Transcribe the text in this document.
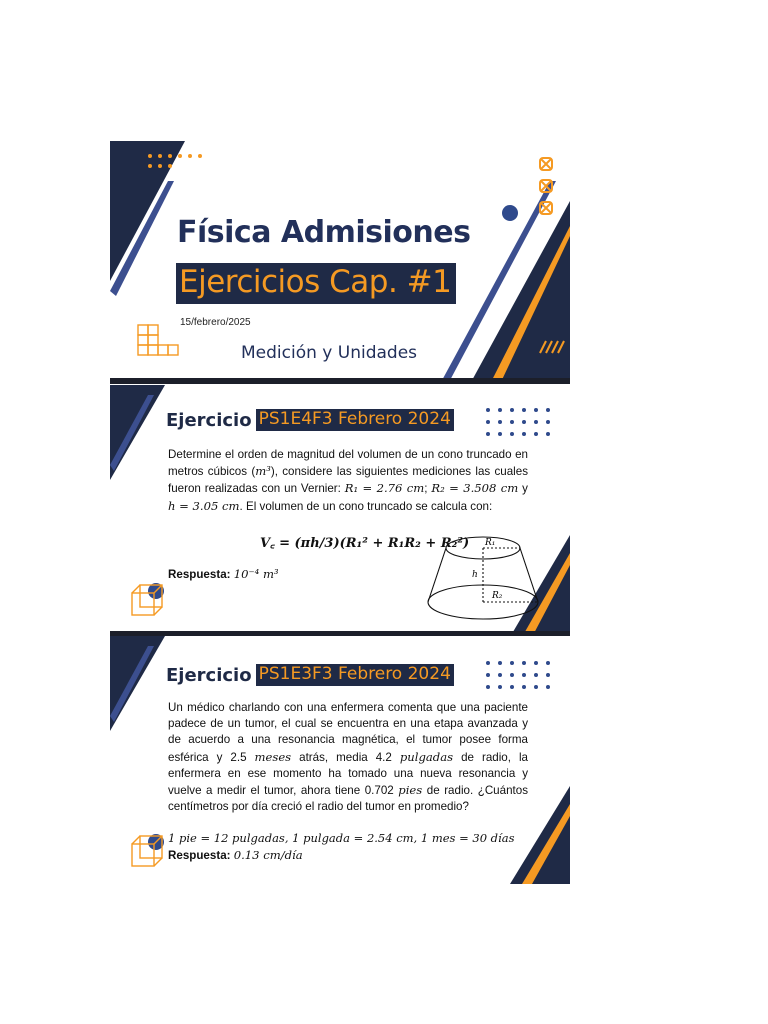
Física Admisiones
Ejercicios Cap. #1
15/febrero/2025
Medición y Unidades
R₁
h
R₂
Ejercicio PS1E4F3 Febrero 2024
Determine el orden de magnitud del volumen de un cono truncado en metros cúbicos (m³), considere las siguientes mediciones las cuales fueron realizadas con un Vernier: R₁ = 2.76 cm; R₂ = 3.508 cm y h = 3.05 cm. El volumen de un cono truncado se calcula con:
V꜀ = (πh/3)(R₁² + R₁R₂ + R₂²)
Respuesta: 10⁻⁴ m³
Ejercicio PS1E3F3 Febrero 2024
Un médico charlando con una enfermera comenta que una paciente padece de un tumor, el cual se encuentra en una etapa avanzada y de acuerdo a una resonancia magnética, el tumor posee forma esférica y 2.5 meses atrás, media 4.2 pulgadas de radio, la enfermera en ese momento ha tomado una nueva resonancia y vuelve a medir el tumor, ahora tiene 0.702 pies de radio. ¿Cuántos centímetros por día creció el radio del tumor en promedio?
1 pie = 12 pulgadas, 1 pulgada = 2.54 cm, 1 mes = 30 días
Respuesta: 0.13 cm/día
